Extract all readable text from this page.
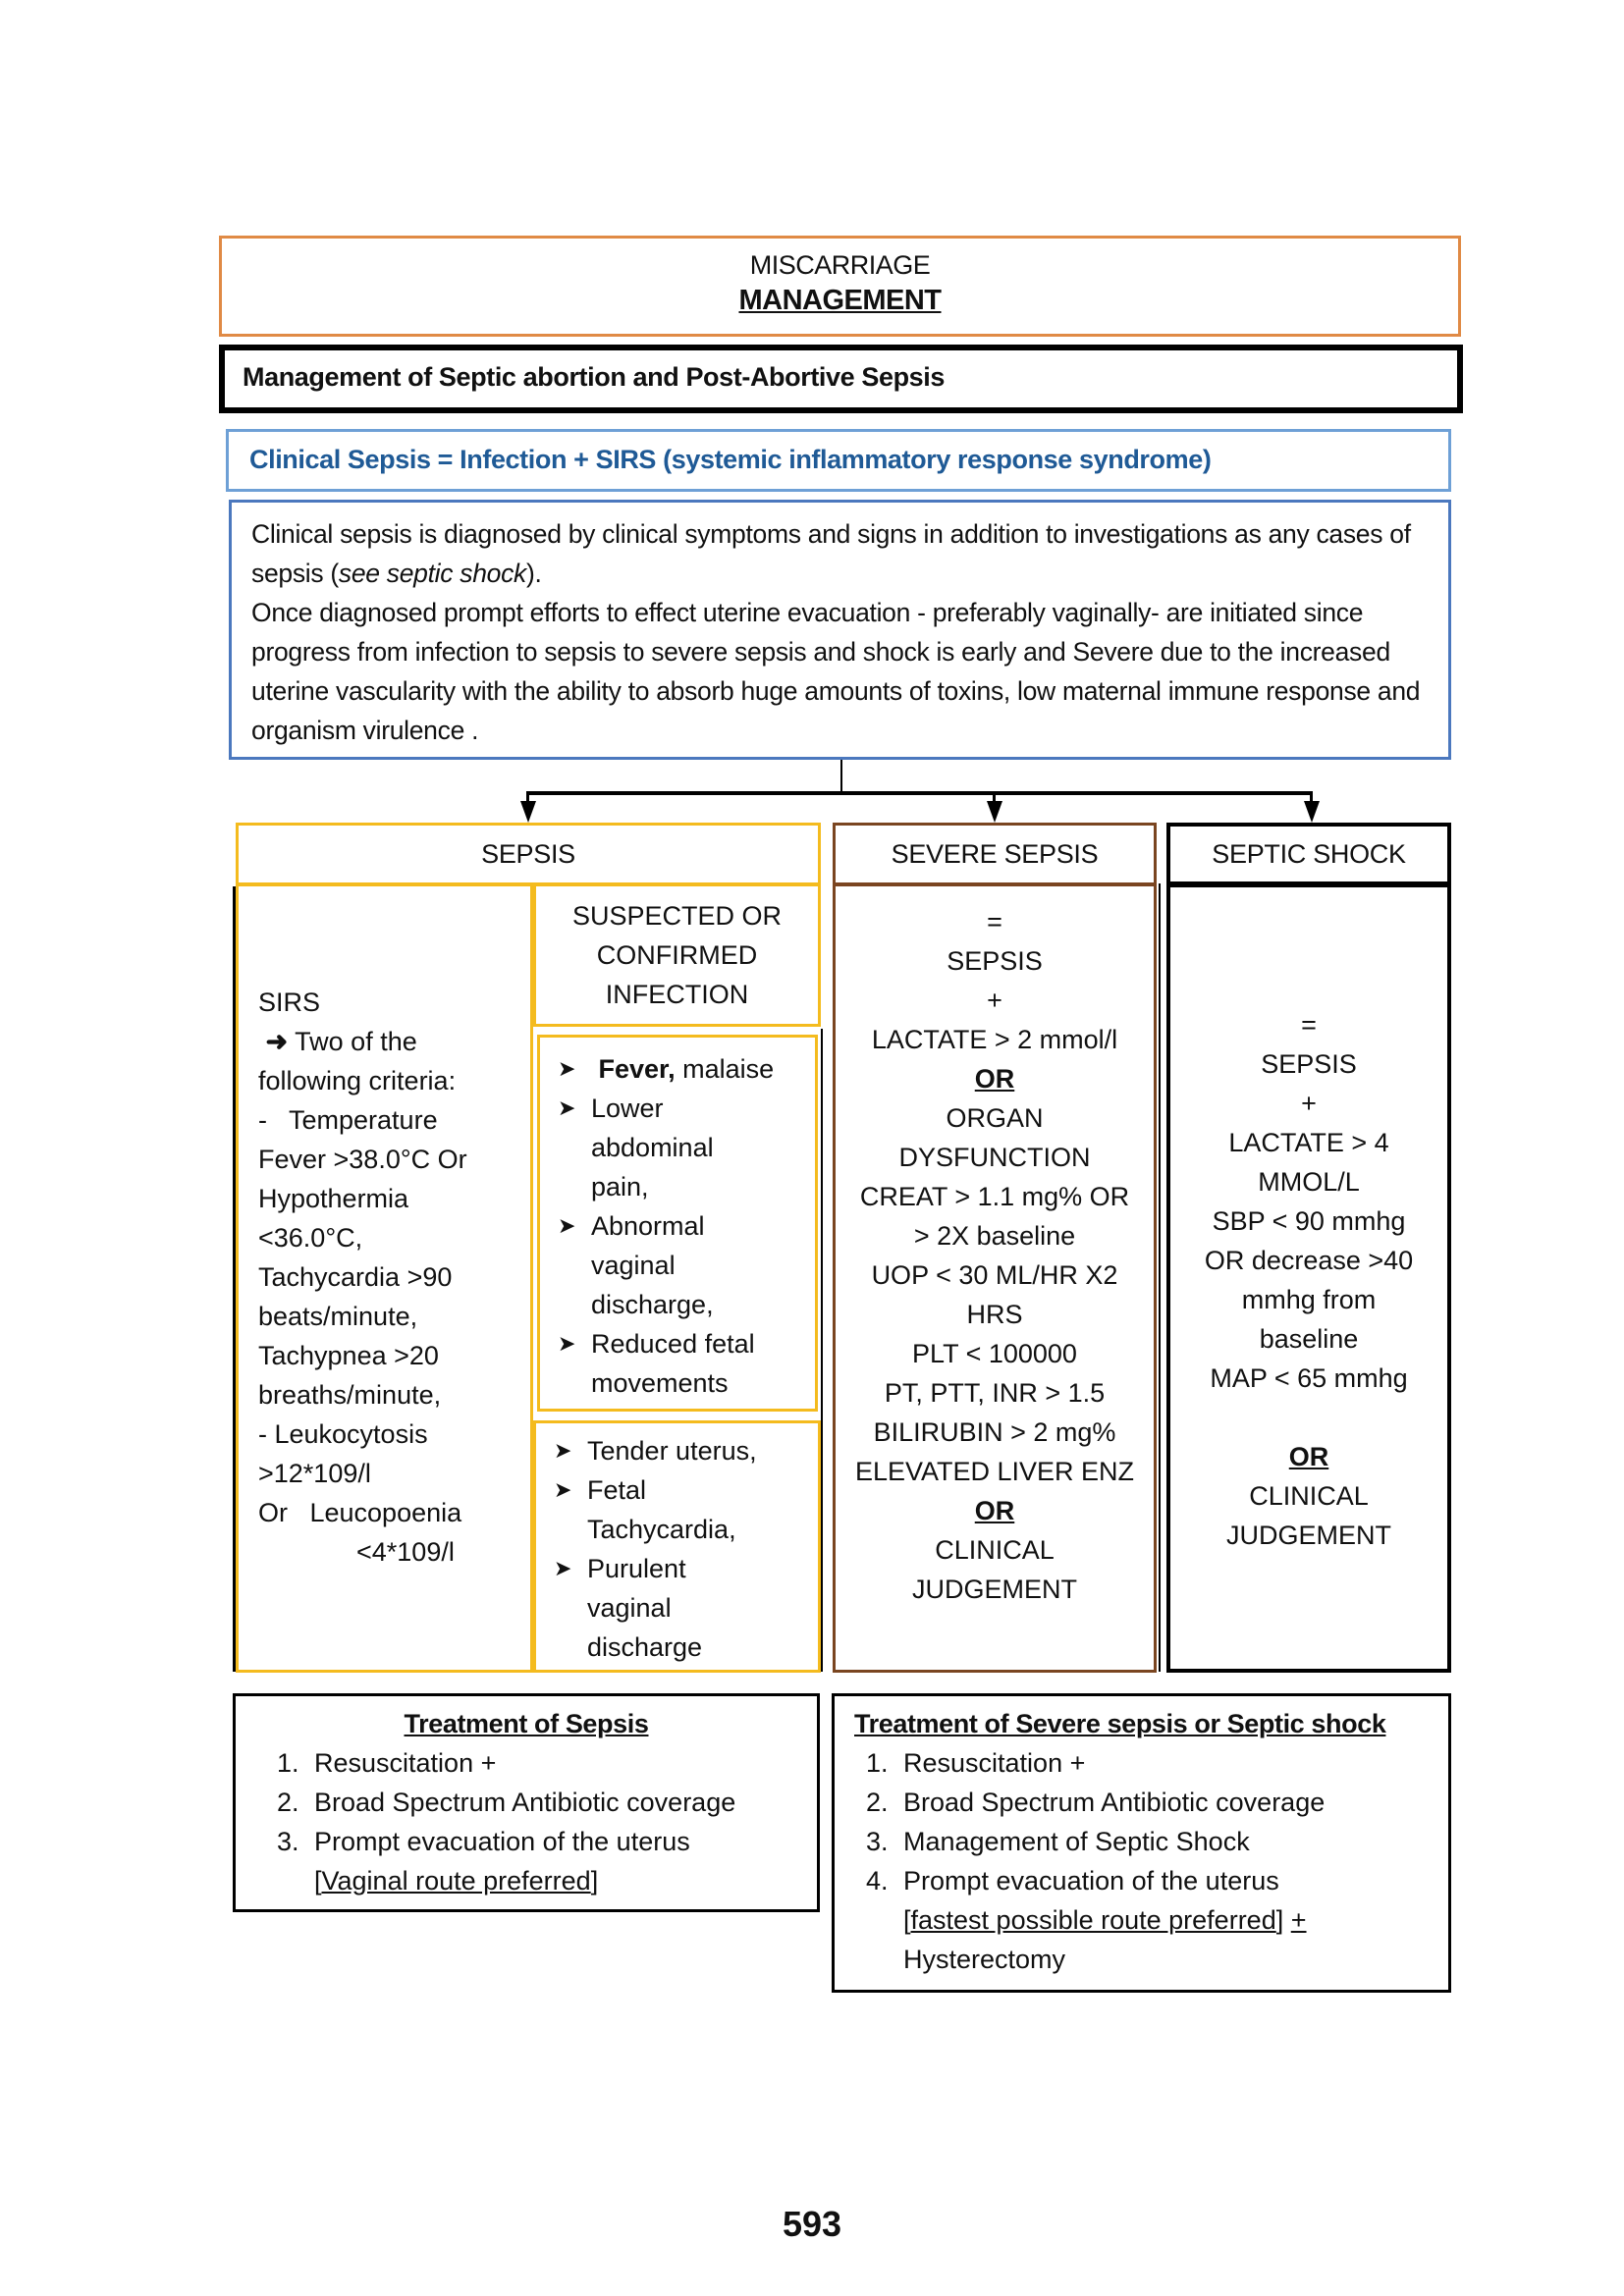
MISCARRIAGE
MANAGEMENT
Management of Septic abortion and Post-Abortive Sepsis
Clinical Sepsis = Infection + SIRS (systemic inflammatory response syndrome)
Clinical sepsis is diagnosed by clinical symptoms and signs in addition to investigations as any cases of sepsis (see septic shock).
Once diagnosed prompt efforts to effect uterine evacuation - preferably vaginally- are initiated since progress from infection to sepsis to severe sepsis and shock is early and Severe due to the increased uterine vascularity with the ability to absorb huge amounts of toxins, low maternal immune response and organism virulence .
SEPSIS	SEVERE SEPSIS	SEPTIC SHOCK
SIRS
➜ Two of the following criteria:
-   Temperature
Fever >38.0°C Or
Hypothermia
<36.0°C,
Tachycardia >90
beats/minute,
Tachypnea >20
breaths/minute,
- Leukocytosis
>12*109/l
Or   Leucopoenia
<4*109/l
SUSPECTED OR CONFIRMED INFECTION
➤ Fever, malaise
➤ Lower abdominal pain,
➤ Abnormal vaginal discharge,
➤ Reduced fetal movements
➤ Tender uterus,
➤ Fetal Tachycardia,
➤ Purulent vaginal discharge
=
SEPSIS
+
LACTATE > 2 mmol/l
OR
ORGAN
DYSFUNCTION
CREAT > 1.1 mg% OR
> 2X baseline
UOP < 30 ML/HR X2
HRS
PLT < 100000
PT, PTT, INR > 1.5
BILIRUBIN > 2 mg%
ELEVATED LIVER ENZ
OR
CLINICAL
JUDGEMENT
=
SEPSIS
+
LACTATE > 4
MMOL/L
SBP < 90 mmhg
OR decrease >40
mmhg from
baseline
MAP < 65 mmhg
OR
CLINICAL
JUDGEMENT
Treatment of Sepsis
1. Resuscitation +
2. Broad Spectrum Antibiotic coverage
3. Prompt evacuation of the uterus
[Vaginal route preferred]
Treatment of Severe sepsis or Septic shock
1. Resuscitation +
2. Broad Spectrum Antibiotic coverage
3. Management of Septic Shock
4. Prompt evacuation of the uterus
[fastest possible route preferred] +
Hysterectomy
593
